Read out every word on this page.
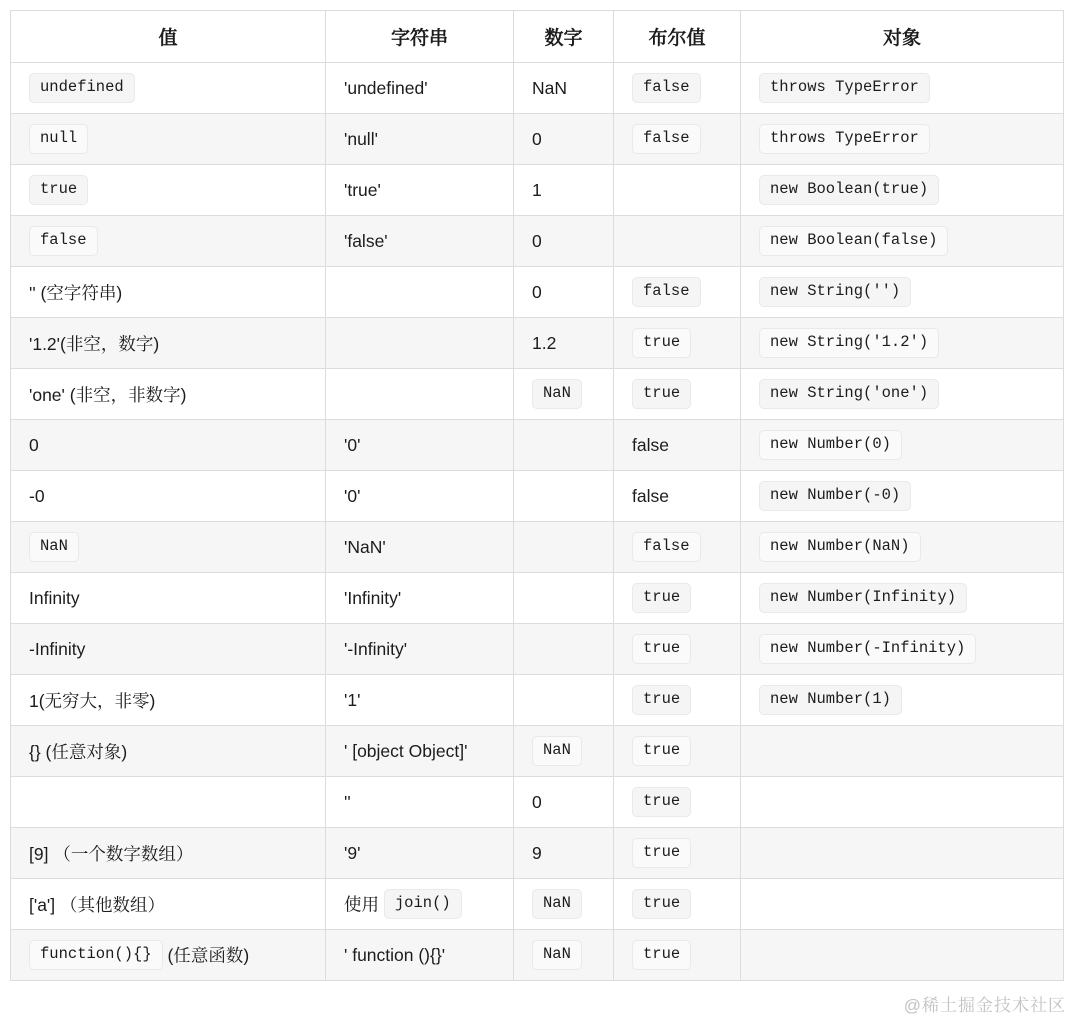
值	字符串	数字	布尔值	对象
undefined	'undefined'	NaN	false	throws TypeError
null	'null'	0	false	throws TypeError
true	'true'	1		new Boolean(true)
false	'false'	0		new Boolean(false)
'' (空字符串)		0	false	new String('')
'1.2'(非空，数字)		1.2	true	new String('1.2')
'one' (非空，非数字)		NaN	true	new String('one')
0	'0'		false	new Number(0)
-0	'0'		false	new Number(-0)
NaN	'NaN'		false	new Number(NaN)
Infinity	'Infinity'		true	new Number(Infinity)
-Infinity	'-Infinity'		true	new Number(-Infinity)
1(无穷大，非零)	'1'		true	new Number(1)
{} (任意对象)	' [object Object]'	NaN	true	
	''	0	true	
[9] （一个数字数组）	'9'	9	true	
['a'] （其他数组）	使用 join()	NaN	true	
function(){} (任意函数)	' function (){}'	NaN	true	
@稀土掘金技术社区
